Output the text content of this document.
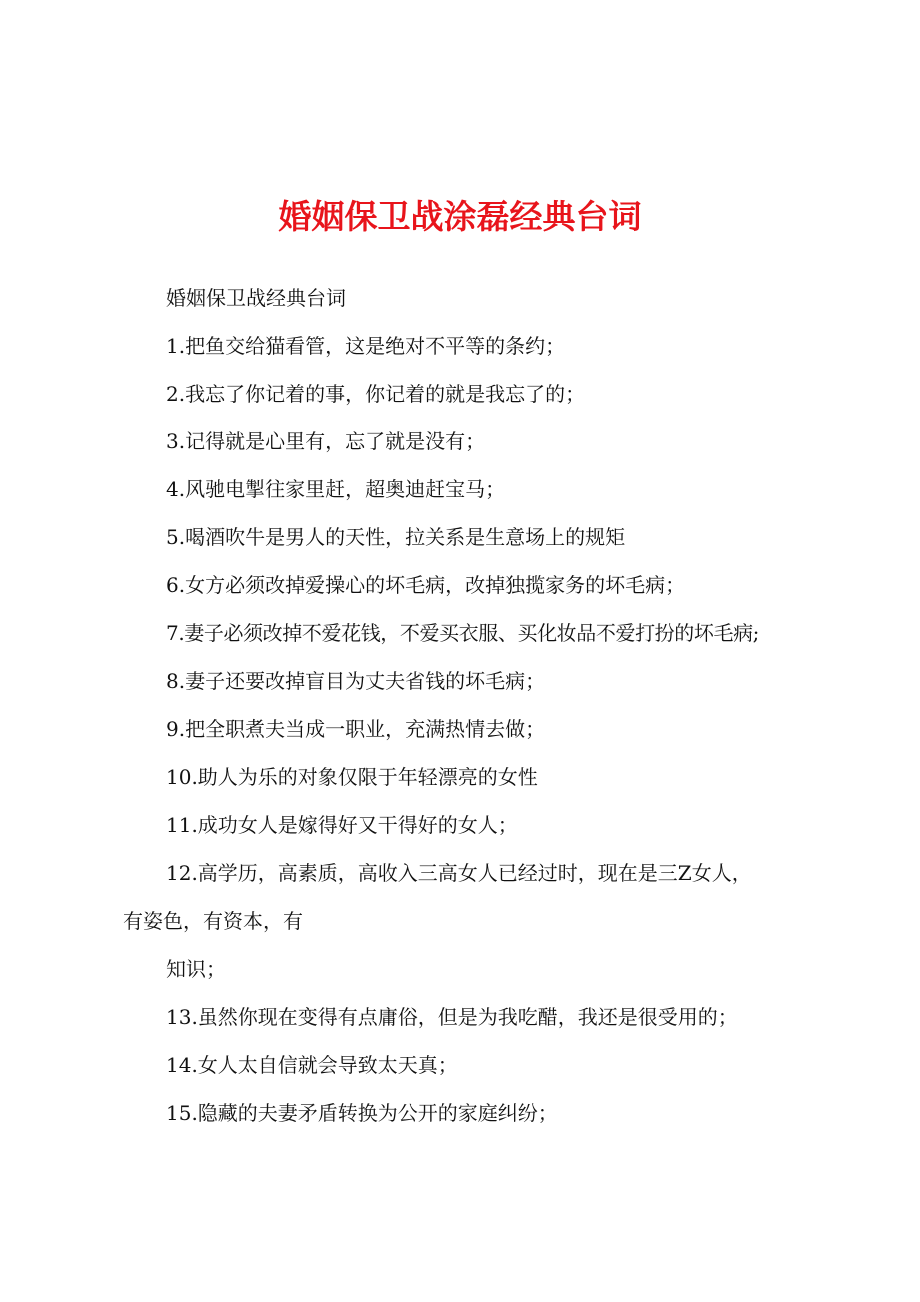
婚姻保卫战涂磊经典台词

婚姻保卫战经典台词

1.把鱼交给猫看管，这是绝对不平等的条约；

2.我忘了你记着的事，你记着的就是我忘了的；

3.记得就是心里有，忘了就是没有；

4.风驰电掣往家里赶，超奥迪赶宝马；

5.喝酒吹牛是男人的天性，拉关系是生意场上的规矩

6.女方必须改掉爱操心的坏毛病，改掉独揽家务的坏毛病；

7.妻子必须改掉不爱花钱，不爱买衣服、买化妆品不爱打扮的坏毛病;

8.妻子还要改掉盲目为丈夫省钱的坏毛病；

9.把全职煮夫当成一职业，充满热情去做；

10.助人为乐的对象仅限于年轻漂亮的女性

11.成功女人是嫁得好又干得好的女人；

12.高学历，高素质，高收入三高女人已经过时，现在是三Z女人，

有姿色，有资本，有

知识；

13.虽然你现在变得有点庸俗，但是为我吃醋，我还是很受用的；

14.女人太自信就会导致太天真；

15.隐藏的夫妻矛盾转换为公开的家庭纠纷；
